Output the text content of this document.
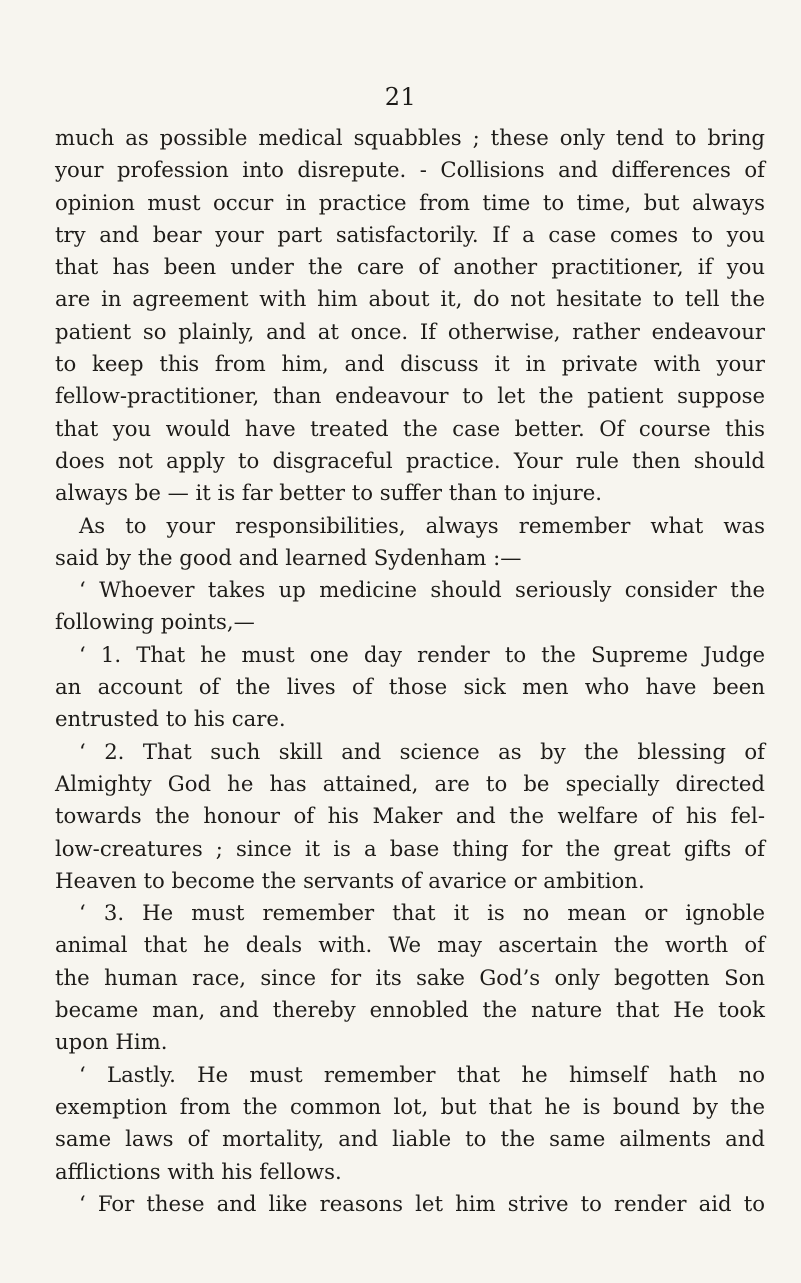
21
much as possible medical squabbles ; these only tend to bring
your profession into disrepute. - Collisions and differences of
opinion must occur in practice from time to time, but always
try and bear your part satisfactorily. If a case comes to you
that has been under the care of another practitioner, if you
are in agreement with him about it, do not hesitate to tell the
patient so plainly, and at once. If otherwise, rather endeavour
to keep this from him, and discuss it in private with your
fellow-practitioner, than endeavour to let the patient suppose
that you would have treated the case better. Of course this
does not apply to disgraceful practice. Your rule then should
always be — it is far better to suffer than to injure.
As to your responsibilities, always remember what was
said by the good and learned Sydenham :—
‘ Whoever takes up medicine should seriously consider the
following points,—
‘ 1. That he must one day render to the Supreme Judge
an account of the lives of those sick men who have been
entrusted to his care.
‘ 2. That such skill and science as by the blessing of
Almighty God he has attained, are to be specially directed
towards the honour of his Maker and the welfare of his fel-
low-creatures ; since it is a base thing for the great gifts of
Heaven to become the servants of avarice or ambition.
‘ 3. He must remember that it is no mean or ignoble
animal that he deals with. We may ascertain the worth of
the human race, since for its sake God’s only begotten Son
became man, and thereby ennobled the nature that He took
upon Him.
‘ Lastly. He must remember that he himself hath no
exemption from the common lot, but that he is bound by the
same laws of mortality, and liable to the same ailments and
afflictions with his fellows.
‘ For these and like reasons let him strive to render aid to
